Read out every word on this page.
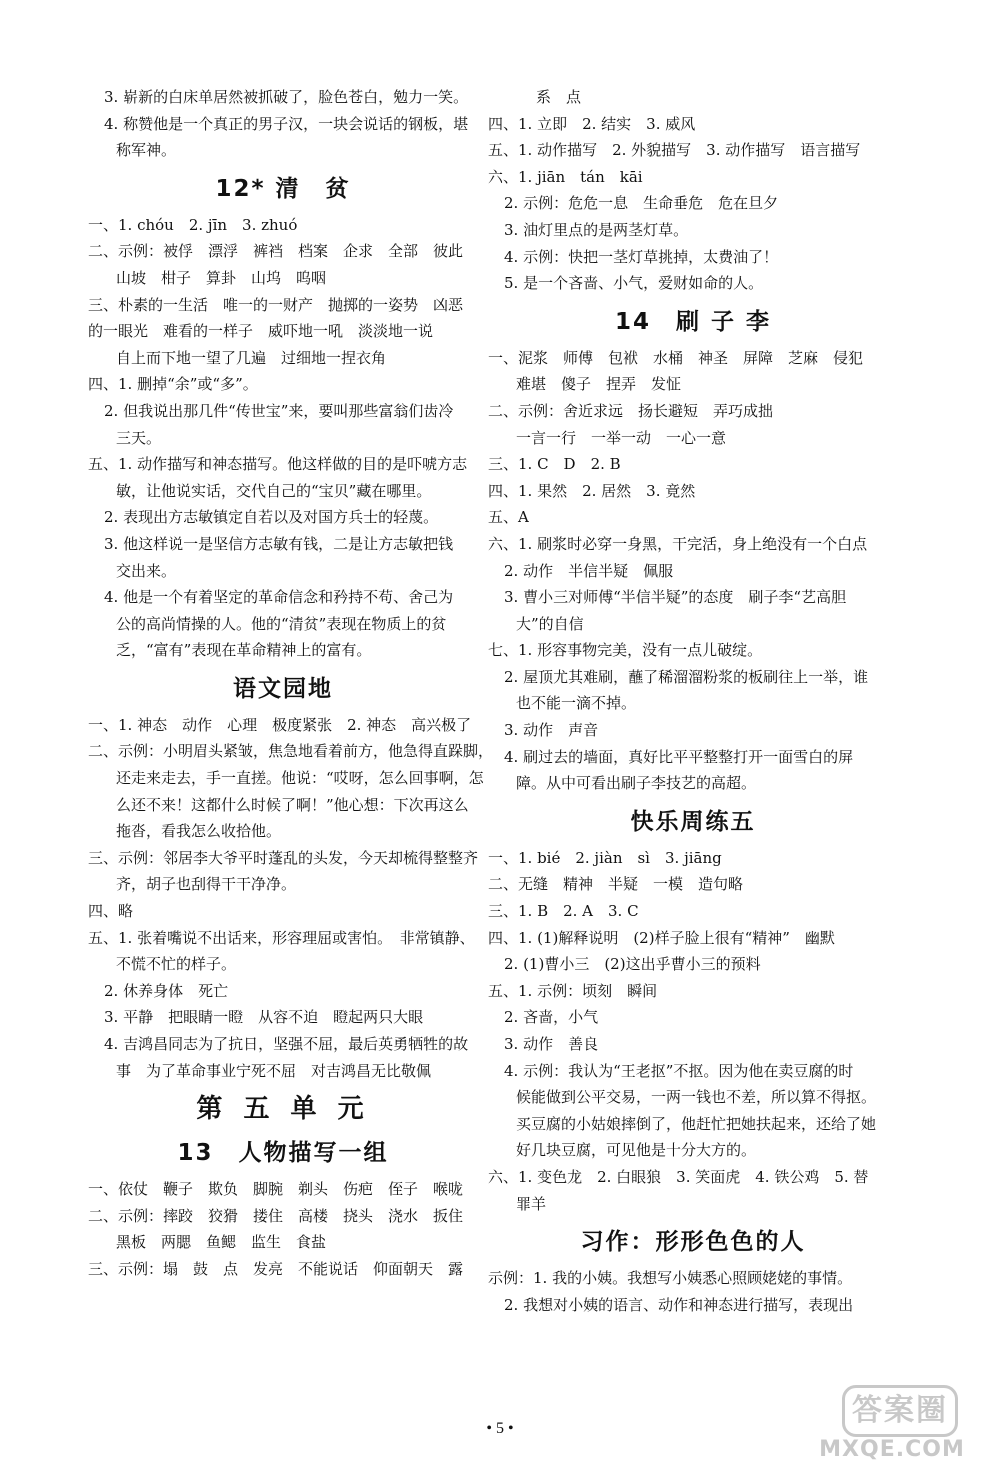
3. 崭新的白床单居然被抓破了，脸色苍白，勉力一笑。
4. 称赞他是一个真正的男子汉，一块会说话的钢板，堪
称军神。
12* 清　贫
一、1. chóu　2. jīn　3. zhuó
二、示例：被俘　漂浮　裤裆　档案　企求　全部　彼此
山坡　柑子　算卦　山坞　呜咽
三、朴素的一生活　唯一的一财产　抛掷的一姿势　凶恶
的一眼光　难看的一样子　威吓地一吼　淡淡地一说
自上而下地一望了几遍　过细地一捏衣角
四、1. 删掉“余”或“多”。
2. 但我说出那几件“传世宝”来，要叫那些富翁们齿冷
三天。
五、1. 动作描写和神态描写。他这样做的目的是吓唬方志
敏，让他说实话，交代自己的“宝贝”藏在哪里。
2. 表现出方志敏镇定自若以及对国方兵士的轻蔑。
3. 他这样说一是坚信方志敏有钱，二是让方志敏把钱
交出来。
4. 他是一个有着坚定的革命信念和矜持不苟、舍己为
公的高尚情操的人。他的“清贫”表现在物质上的贫
乏，“富有”表现在革命精神上的富有。
语文园地
一、1. 神态　动作　心理　极度紧张　2. 神态　高兴极了
二、示例：小明眉头紧皱，焦急地看着前方，他急得直跺脚，
还走来走去，手一直搓。他说：“哎呀，怎么回事啊，怎
么还不来！这都什么时候了啊！”他心想：下次再这么
拖沓，看我怎么收拾他。
三、示例：邻居李大爷平时蓬乱的头发，今天却梳得整整齐
齐，胡子也刮得干干净净。
四、略
五、1. 张着嘴说不出话来，形容理屈或害怕。　非常镇静、
不慌不忙的样子。
2. 休养身体　死亡
3. 平静　把眼睛一瞪　从容不迫　瞪起两只大眼
4. 吉鸿昌同志为了抗日，坚强不屈，最后英勇牺牲的故
事　为了革命事业宁死不屈　对吉鸿昌无比敬佩
第 五 单 元
13　人物描写一组
一、依仗　鞭子　欺负　脚腕　剃头　伤疤　侄子　喉咙
二、示例：摔跤　狡猾　搂住　高楼　挠头　浇水　扳住
黑板　两腮　鱼鳃　监生　食盐
三、示例：塌　鼓　点　发亮　不能说话　仰面朝天　露
系　点
四、1. 立即　2. 结实　3. 威风
五、1. 动作描写　2. 外貌描写　3. 动作描写　语言描写
六、1. jiān　tán　kāi
2. 示例：危危一息　生命垂危　危在旦夕
3. 油灯里点的是两茎灯草。
4. 示例：快把一茎灯草挑掉，太费油了！
5. 是一个吝啬、小气，爱财如命的人。
14　刷 子 李
一、泥浆　师傅　包袱　水桶　神圣　屏障　芝麻　侵犯
难堪　傻子　捏弄　发怔
二、示例：舍近求远　扬长避短　弄巧成拙
一言一行　一举一动　一心一意
三、1. C　D　2. B
四、1. 果然　2. 居然　3. 竟然
五、A
六、1. 刷浆时必穿一身黑，干完活，身上绝没有一个白点
2. 动作　半信半疑　佩服
3. 曹小三对师傅“半信半疑”的态度　刷子李“艺高胆
大”的自信
七、1. 形容事物完美，没有一点儿破绽。
2. 屋顶尤其难刷，蘸了稀溜溜粉浆的板刷往上一举，谁
也不能一滴不掉。
3. 动作　声音
4. 刷过去的墙面，真好比平平整整打开一面雪白的屏
障。从中可看出刷子李技艺的高超。
快乐周练五
一、1. bié　2. jiàn　sì　3. jiāng
二、无缝　精神　半疑　一模　造句略
三、1. B　2. A　3. C
四、1. (1)解释说明　(2)样子脸上很有“精神”　幽默
2. (1)曹小三　(2)这出乎曹小三的预料
五、1. 示例：顷刻　瞬间
2. 吝啬，小气
3. 动作　善良
4. 示例：我认为“王老抠”不抠。因为他在卖豆腐的时
候能做到公平交易，一两一钱也不差，所以算不得抠。
买豆腐的小姑娘摔倒了，他赶忙把她扶起来，还给了她
好几块豆腐，可见他是十分大方的。
六、1. 变色龙　2. 白眼狼　3. 笑面虎　4. 铁公鸡　5. 替
罪羊
习作：形形色色的人
示例：1. 我的小姨。我想写小姨悉心照顾姥姥的事情。
2. 我想对小姨的语言、动作和神态进行描写，表现出
• 5 •
答案圈
MXQE.COM
